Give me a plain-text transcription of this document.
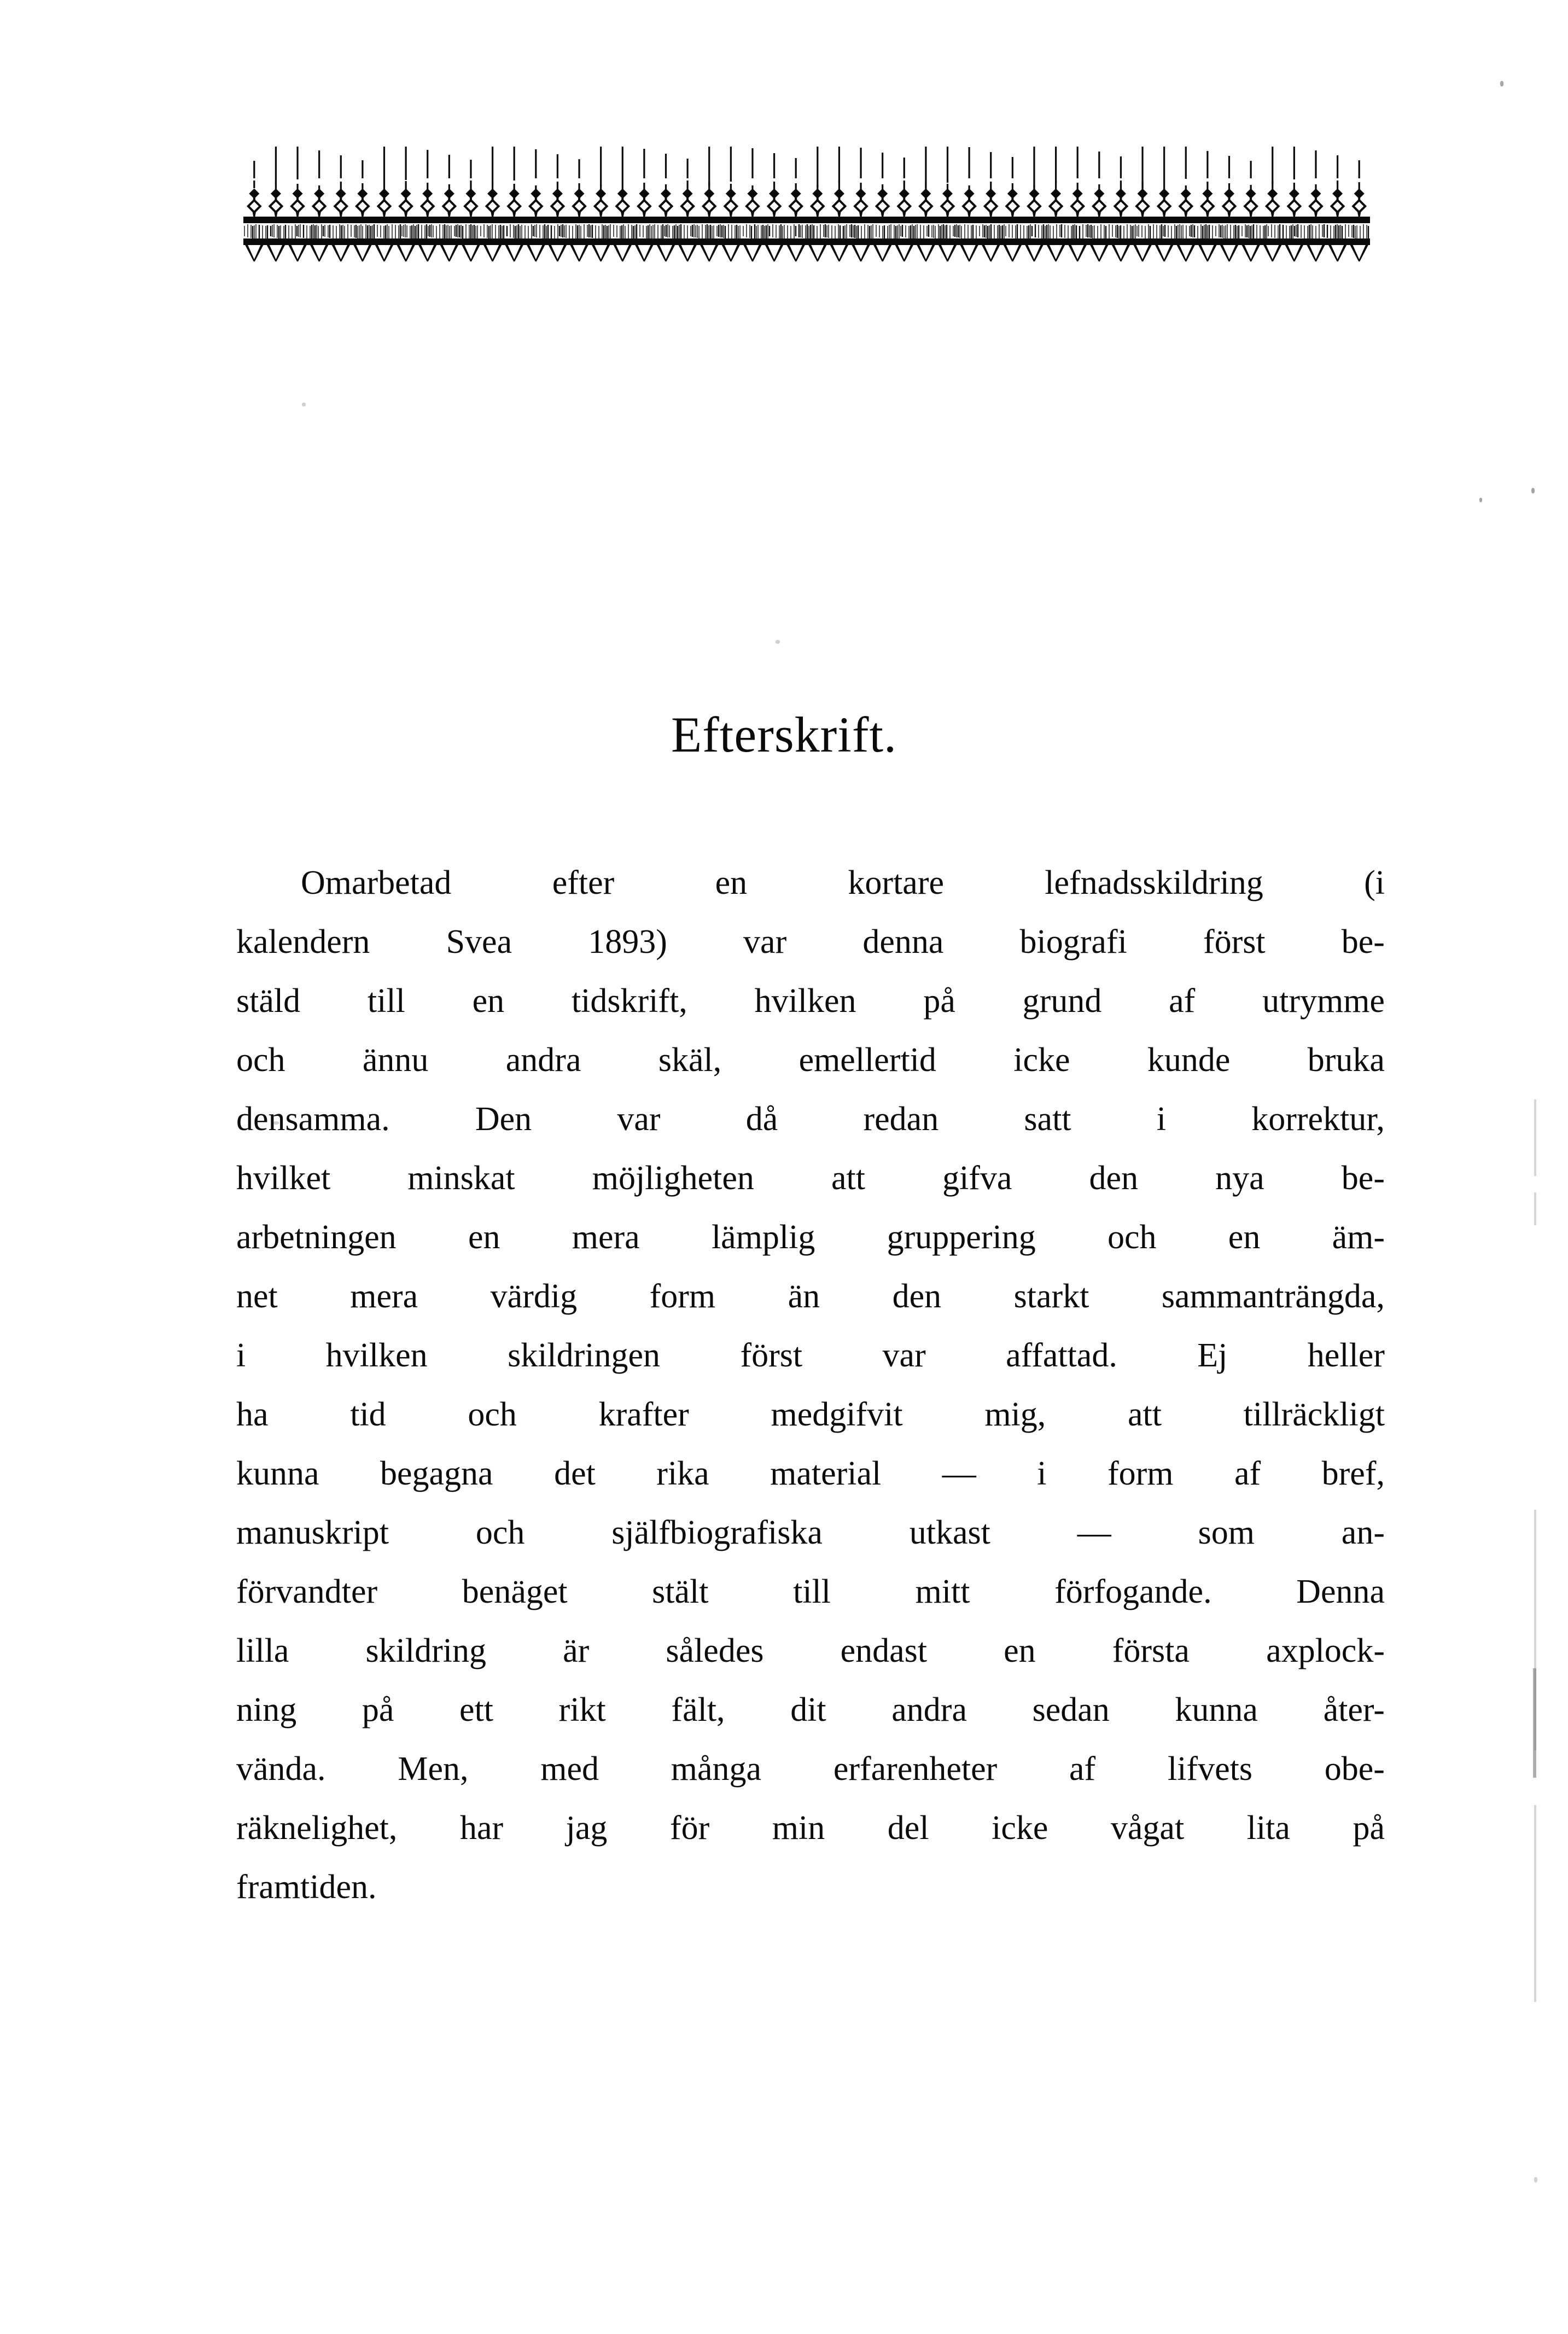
Efterskrift.
Omarbetad	efter	en	kortare	lefnadsskildring	(i
kalendern Svea 1893) var denna biografi först be-
stäld till en tidskrift, hvilken på grund af utrymme
och ännu andra skäl, emellertid icke kunde bruka
densamma.	Den	var	då	redan	satt	i	korrektur,
hvilket minskat möjligheten att gifva den nya be-
arbetningen en mera lämplig gruppering och en äm-
net mera värdig form än den starkt sammanträngda,
i hvilken skildringen först var affattad. Ej heller
ha tid och krafter medgifvit mig, att tillräckligt
kunna begagna det rika material — i form af bref,
manuskript	och	själfbiografiska	utkast	—	som	an-
förvandter benäget stält till mitt förfogande. Denna
lilla skildring är således endast en första axplock-
ning på ett rikt fält, dit andra sedan kunna åter-
vända. Men, med många erfarenheter af lifvets obe-
räknelighet, har jag för min del icke vågat lita på
framtiden.
